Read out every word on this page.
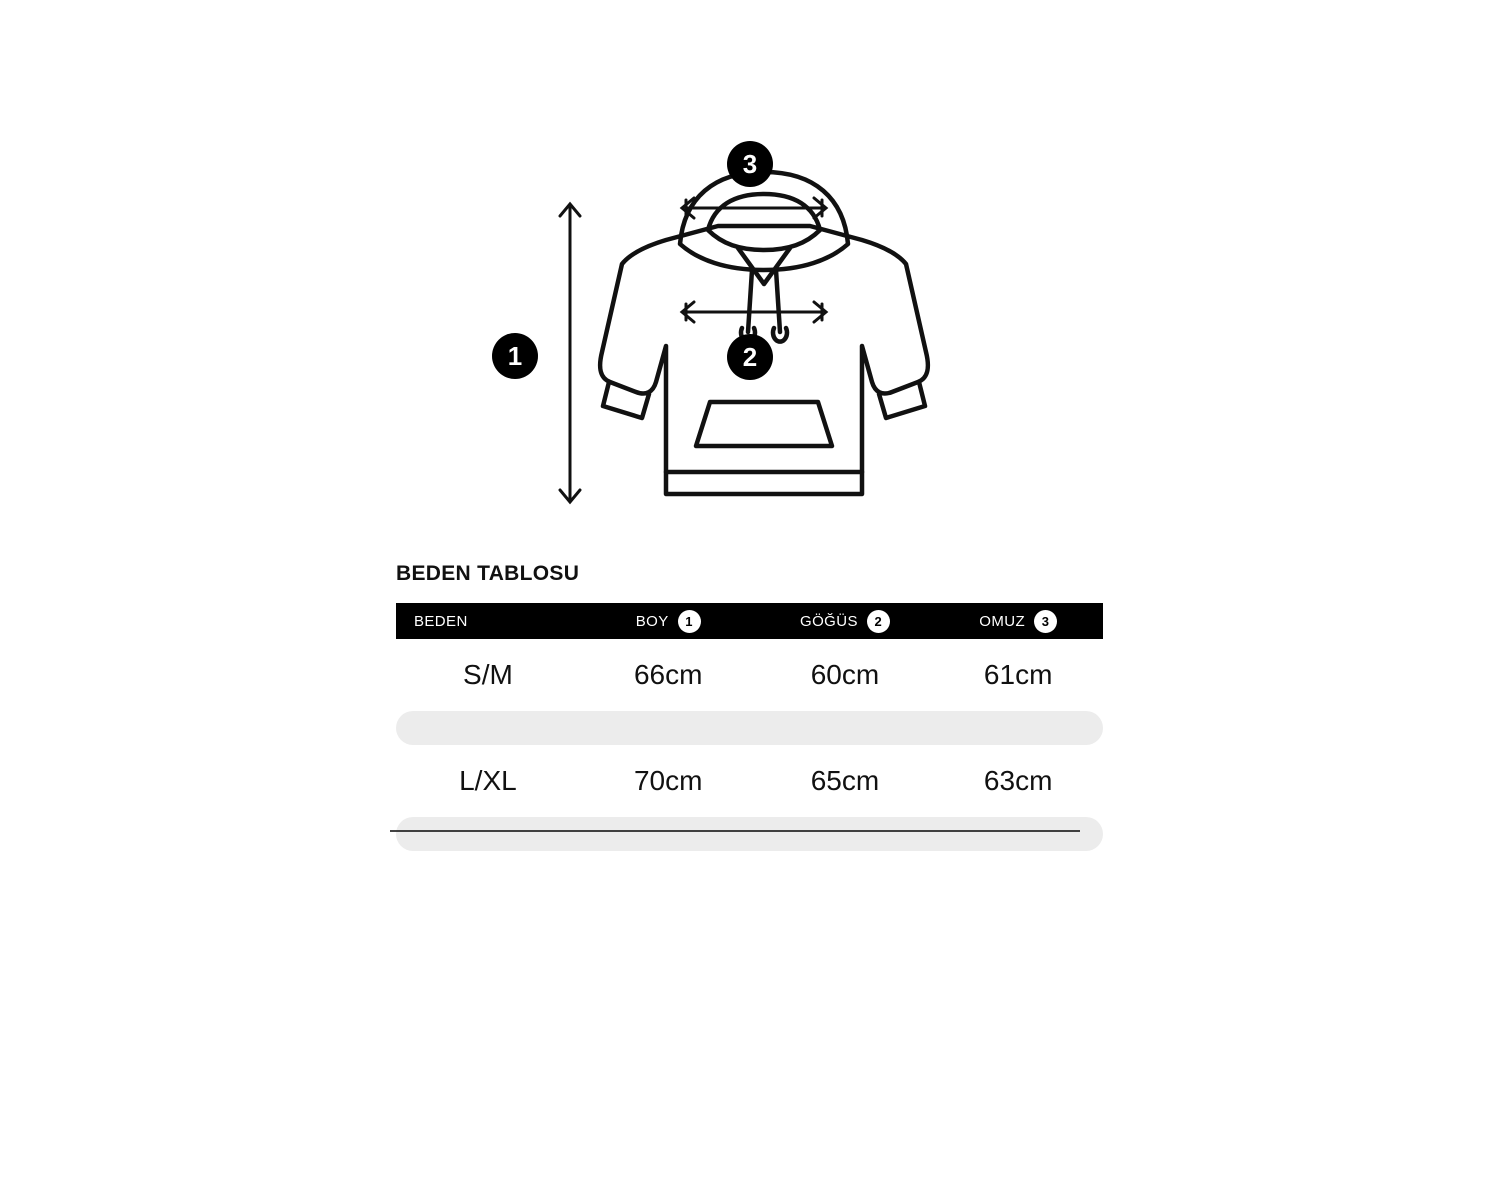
1	2
3
BEDEN TABLOSU
BEDEN	BOY 1	GÖĞÜS 2	OMUZ 3

S/M	66cm	60cm	61cm

L/XL	70cm	65cm	63cm
